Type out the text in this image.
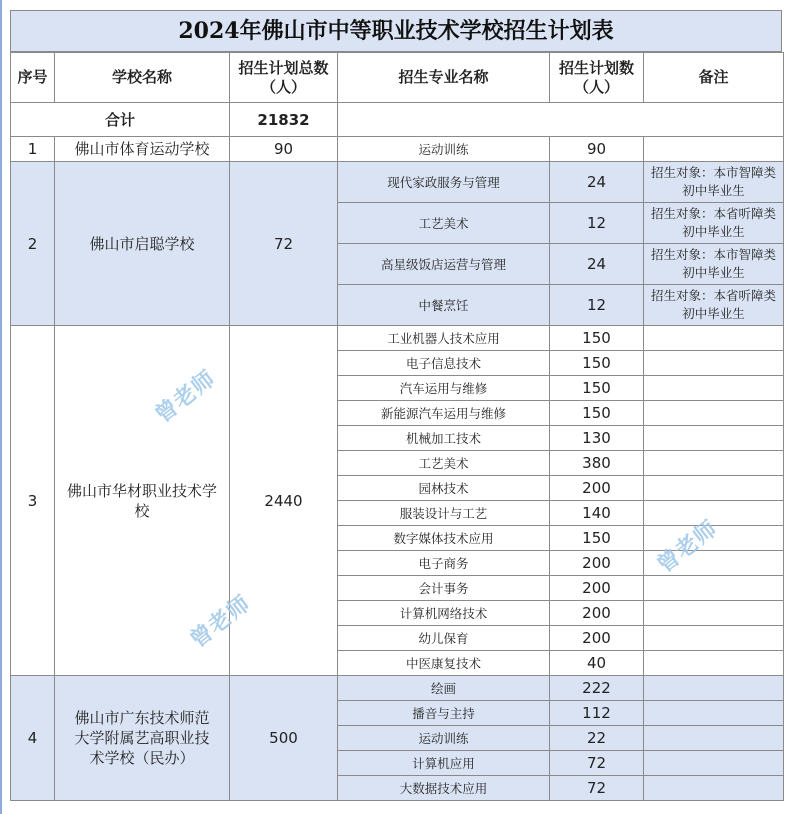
2024年佛山市中等职业技术学校招生计划表
序号	学校名称	招生计划总数（人）	招生专业名称	招生计划数（人）	备注
合计		21832			
1	佛山市体育运动学校	90	运动训练	90	
2	佛山市启聪学校	72	现代家政服务与管理	24	招生对象：本市智障类初中毕业生
			工艺美术	12	招生对象：本省听障类初中毕业生
			高星级饭店运营与管理	24	招生对象：本市智障类初中毕业生
			中餐烹饪	12	招生对象：本省听障类初中毕业生
3	佛山市华材职业技术学校	2440	工业机器人技术应用	150	
			电子信息技术	150	
			汽车运用与维修	150	
			新能源汽车运用与维修	150	
			机械加工技术	130	
			工艺美术	380	
			园林技术	200	
			服装设计与工艺	140	
			数字媒体技术应用	150	
			电子商务	200	
			会计事务	200	
			计算机网络技术	200	
			幼儿保育	200	
			中医康复技术	40	
4	佛山市广东技术师范大学附属艺高职业技术学校（民办）	500	绘画	222	
			播音与主持	112	
			运动训练	22	
			计算机应用	72	
			大数据技术应用	72	
曾老师
曾老师
曾老师
